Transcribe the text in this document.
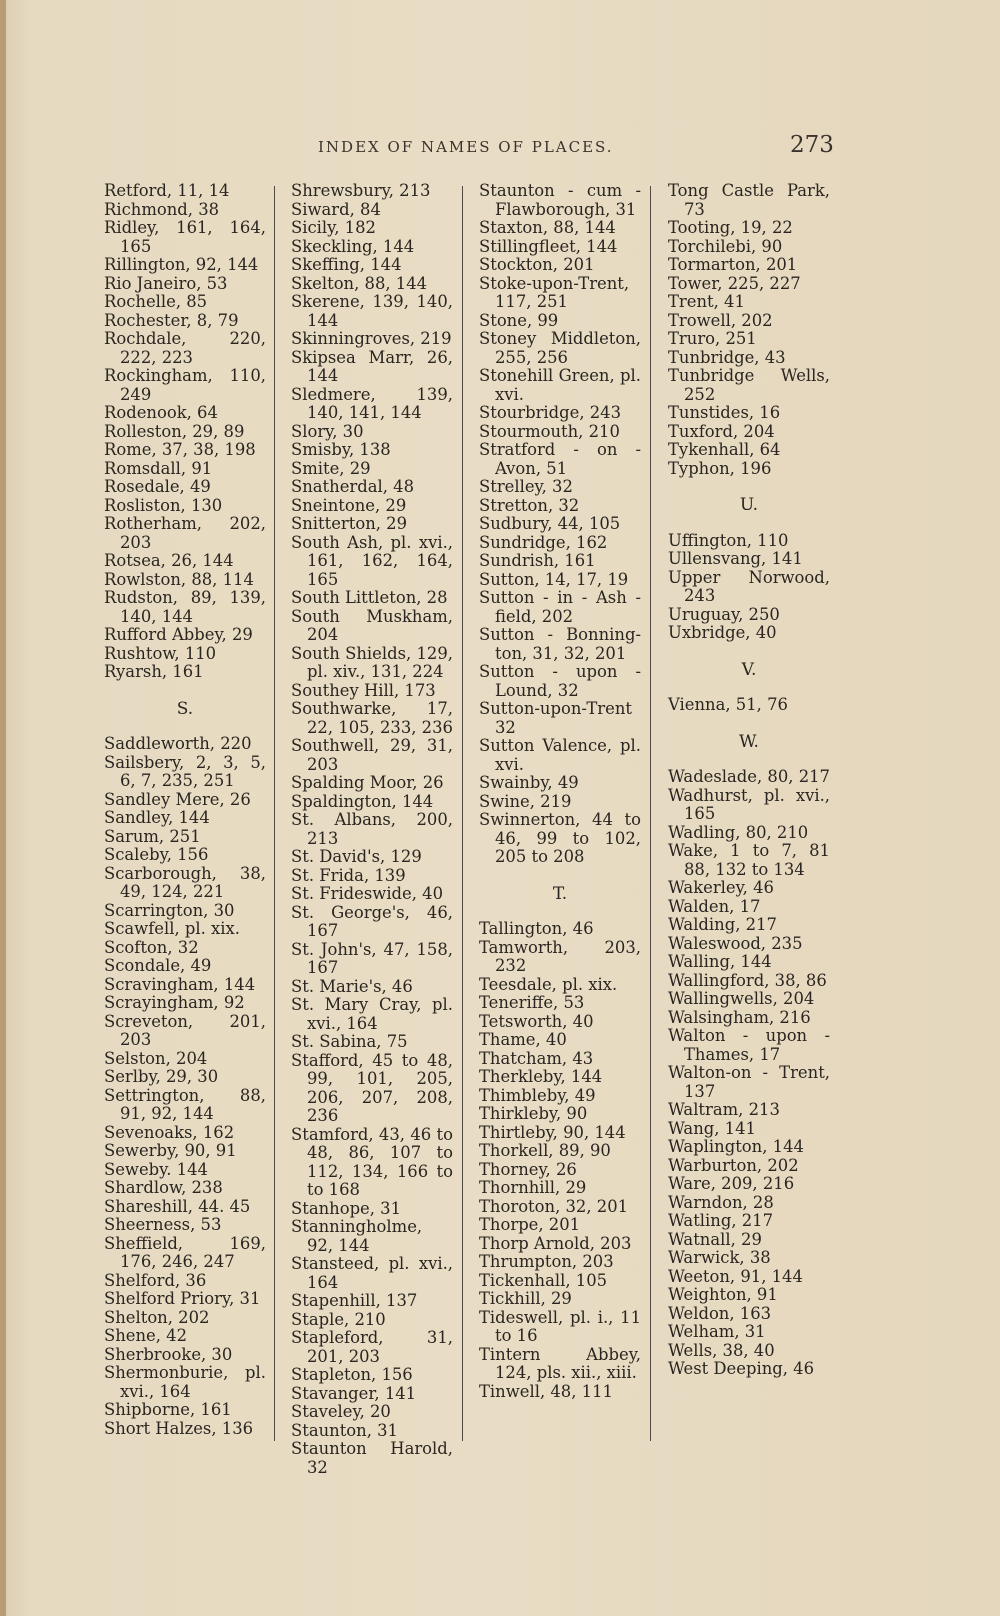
INDEX OF NAMES OF PLACES.	273
Retford, 11, 14
Richmond, 38
Ridley, 161, 164, 165
Rillington, 92, 144
Rio Janeiro, 53
Rochelle, 85
Rochester, 8, 79
Rochdale, 220, 222, 223
Rockingham, 110, 249
Rodenook, 64
Rolleston, 29, 89
Rome, 37, 38, 198
Romsdall, 91
Rosedale, 49
Rosliston, 130
Rotherham, 202, 203
Rotsea, 26, 144
Rowlston, 88, 114
Rudston, 89, 139, 140, 144
Rufford Abbey, 29
Rushtow, 110
Ryarsh, 161
S.
Saddleworth, 220
Sailsbery, 2, 3, 5, 6, 7, 235, 251
Sandley Mere, 26
Sandley, 144
Sarum, 251
Scaleby, 156
Scarborough, 38, 49, 124, 221
Scarrington, 30
Scawfell, pl. xix.
Scofton, 32
Scondale, 49
Scravingham, 144
Scrayingham, 92
Screveton, 201, 203
Selston, 204
Serlby, 29, 30
Settrington, 88, 91, 92, 144
Sevenoaks, 162
Sewerby, 90, 91
Seweby. 144
Shardlow, 238
Shareshill, 44. 45
Sheerness, 53
Sheffield, 169, 176, 246, 247
Shelford, 36
Shelford Priory, 31
Shelton, 202
Shene, 42
Sherbrooke, 30
Shermonburie, pl. xvi., 164
Shipborne, 161
Short Halzes, 136
Shrewsbury, 213
Siward, 84
Sicily, 182
Skeckling, 144
Skeffing, 144
Skelton, 88, 144
Skerene, 139, 140, 144
Skinningroves, 219
Skipsea Marr, 26, 144
Sledmere, 139, 140, 141, 144
Slory, 30
Smisby, 138
Smite, 29
Snatherdal, 48
Sneintone, 29
Snitterton, 29
South Ash, pl. xvi., 161, 162, 164, 165
South Littleton, 28
South Muskham, 204
South Shields, 129, pl. xiv., 131, 224
Southey Hill, 173
Southwarke, 17, 22, 105, 233, 236
Southwell, 29, 31, 203
Spalding Moor, 26
Spaldington, 144
St. Albans, 200, 213
St. David's, 129
St. Frida, 139
St. Frideswide, 40
St. George's, 46, 167
St. John's, 47, 158, 167
St. Marie's, 46
St. Mary Cray, pl. xvi., 164
St. Sabina, 75
Stafford, 45 to 48, 99, 101, 205, 206, 207, 208, 236
Stamford, 43, 46 to 48, 86, 107 to 112, 134, 166 to to 168
Stanhope, 31
Stanningholme, 92, 144
Stansteed, pl. xvi., 164
Stapenhill, 137
Staple, 210
Stapleford, 31, 201, 203
Stapleton, 156
Stavanger, 141
Staveley, 20
Staunton, 31
Staunton Harold, 32
Staunton - cum - Flawborough, 31
Staxton, 88, 144
Stillingfleet, 144
Stockton, 201
Stoke-upon-Trent, 117, 251
Stone, 99
Stoney Middleton, 255, 256
Stonehill Green, pl. xvi.
Stourbridge, 243
Stourmouth, 210
Stratford - on - Avon, 51
Strelley, 32
Stretton, 32
Sudbury, 44, 105
Sundridge, 162
Sundrish, 161
Sutton, 14, 17, 19
Sutton - in - Ash - field, 202
Sutton - Bonning- ton, 31, 32, 201
Sutton - upon - Lound, 32
Sutton-upon-Trent 32
Sutton Valence, pl. xvi.
Swainby, 49
Swine, 219
Swinnerton, 44 to 46, 99 to 102, 205 to 208
T.
Tallington, 46
Tamworth, 203, 232
Teesdale, pl. xix.
Teneriffe, 53
Tetsworth, 40
Thame, 40
Thatcham, 43
Therkleby, 144
Thimbleby, 49
Thirkleby, 90
Thirtleby, 90, 144
Thorkell, 89, 90
Thorney, 26
Thornhill, 29
Thoroton, 32, 201
Thorpe, 201
Thorp Arnold, 203
Thrumpton, 203
Tickenhall, 105
Tickhill, 29
Tideswell, pl. i., 11 to 16
Tintern Abbey, 124, pls. xii., xiii.
Tinwell, 48, 111
Tong Castle Park, 73
Tooting, 19, 22
Torchilebi, 90
Tormarton, 201
Tower, 225, 227
Trent, 41
Trowell, 202
Truro, 251
Tunbridge, 43
Tunbridge Wells, 252
Tunstides, 16
Tuxford, 204
Tykenhall, 64
Typhon, 196
U.
Uffington, 110
Ullensvang, 141
Upper Norwood, 243
Uruguay, 250
Uxbridge, 40
V.
Vienna, 51, 76
W.
Wadeslade, 80, 217
Wadhurst, pl. xvi., 165
Wadling, 80, 210
Wake, 1 to 7, 81 88, 132 to 134
Wakerley, 46
Walden, 17
Walding, 217
Waleswood, 235
Walling, 144
Wallingford, 38, 86
Wallingwells, 204
Walsingham, 216
Walton - upon - Thames, 17
Walton-on - Trent, 137
Waltram, 213
Wang, 141
Waplington, 144
Warburton, 202
Ware, 209, 216
Warndon, 28
Watling, 217
Watnall, 29
Warwick, 38
Weeton, 91, 144
Weighton, 91
Weldon, 163
Welham, 31
Wells, 38, 40
West Deeping, 46
